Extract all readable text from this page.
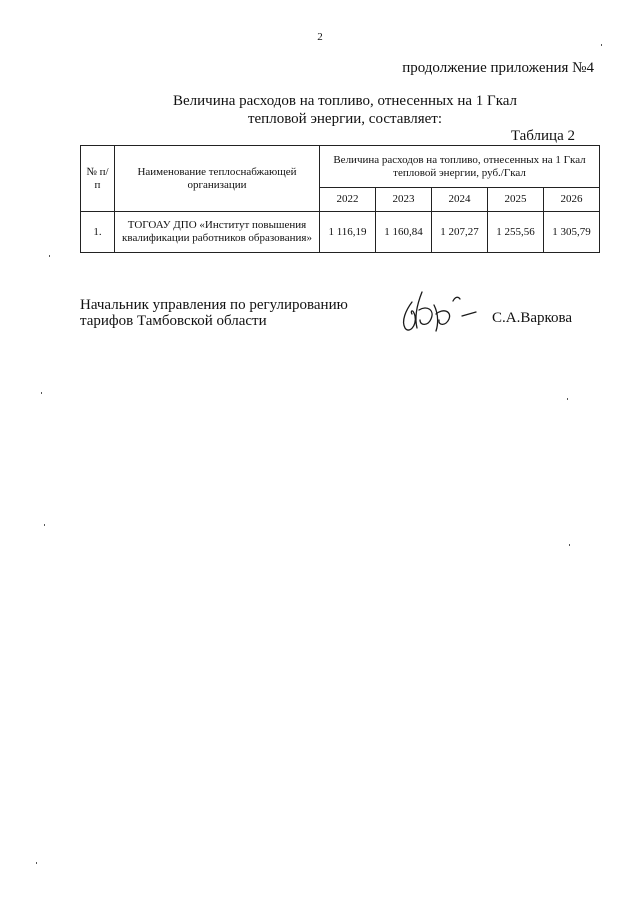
2
продолжение приложения №4
Величина расходов на топливо, отнесенных на 1 Гкал
тепловой энергии, составляет:
Таблица 2
№ п/п	Наименование теплоснабжающей организации	Величина расходов на топливо, отнесенных на 1 Гкал тепловой энергии, руб./Гкал				
		2022	2023	2024	2025	2026
1.	ТОГОАУ ДПО «Институт повышения квалификации работников образования»	1 116,19	1 160,84	1 207,27	1 255,56	1 305,79
Начальник управления по регулированию
тарифов Тамбовской области	С.А.Варкова
